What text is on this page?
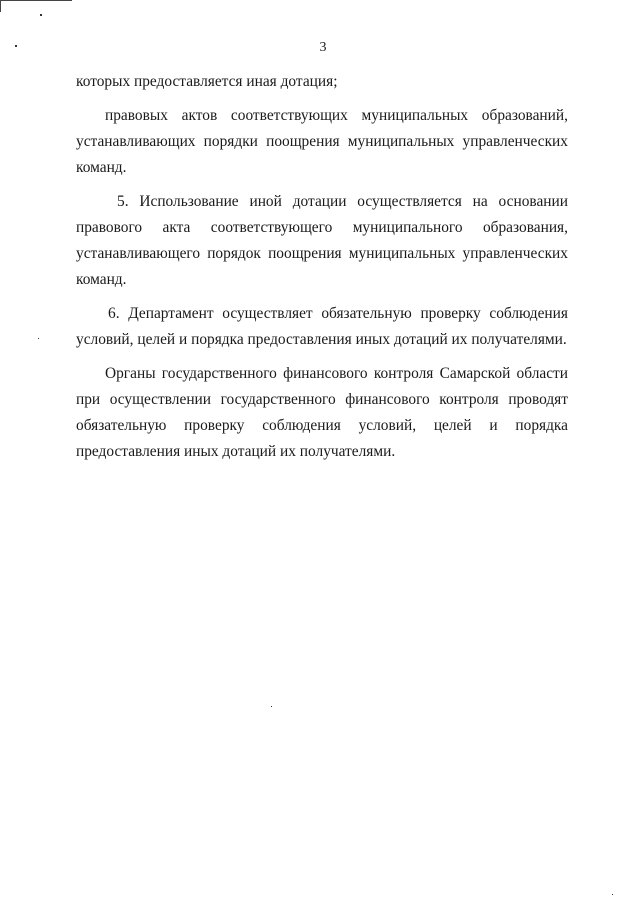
3

которых предоставляется иная дотация;

правовых актов соответствующих муниципальных образований, устанавливающих порядки поощрения муниципальных управленческих команд.

5. Использование иной дотации осуществляется на основании правового акта соответствующего муниципального образования, устанавливающего порядок поощрения муниципальных управленческих команд.

6. Департамент осуществляет обязательную проверку соблюдения условий, целей и порядка предоставления иных дотаций их получателями.

Органы государственного финансового контроля Самарской области при осуществлении государственного финансового контроля проводят обязательную проверку соблюдения условий, целей и порядка предоставления иных дотаций их получателями.
